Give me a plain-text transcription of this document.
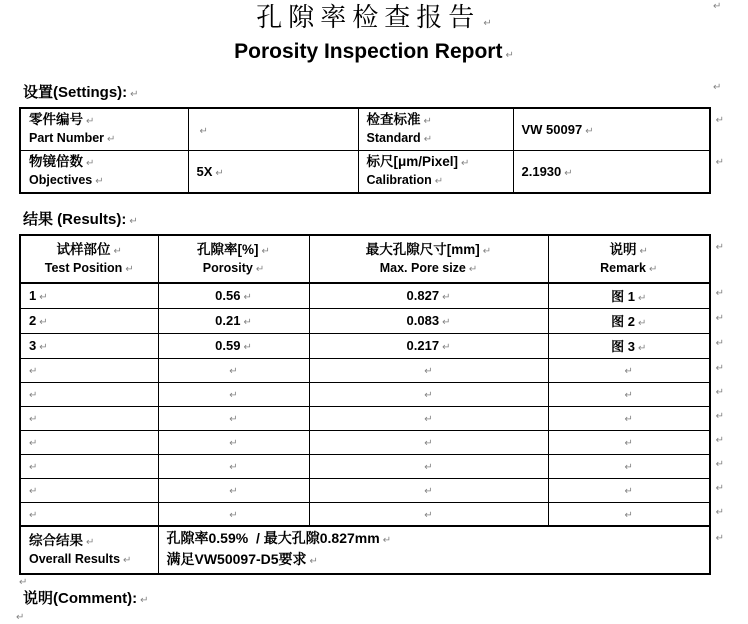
↵
↵
孔隙率检查报告 ↵
Porosity Inspection Report ↵
设置(Settings): ↵
零件编号 ↵
Part Number ↵	↵	检查标准 ↵
Standard ↵	VW 50097 ↵
↵

物镜倍数 ↵
Objectives ↵	5X ↵	标尺[μm/Pixel] ↵
Calibration ↵	2.1930 ↵
↵
结果 (Results): ↵
试样部位 ↵
Test Position ↵	孔隙率[%] ↵
Porosity ↵	最大孔隙尺寸[mm] ↵
Max. Pore size ↵	说明 ↵
Remark ↵
↵

1 ↵	0.56 ↵	0.827 ↵	图 1 ↵ ↵

2 ↵	0.21 ↵	0.083 ↵	图 2 ↵ ↵

3 ↵	0.59 ↵	0.217 ↵	图 3 ↵ ↵

↵	↵	↵	↵ ↵

↵	↵	↵	↵ ↵

↵	↵	↵	↵ ↵

↵	↵	↵	↵ ↵

↵	↵	↵	↵ ↵

↵	↵	↵	↵ ↵

↵	↵	↵	↵ ↵

综合结果 ↵
Overall Results ↵	孔隙率0.59%  / 最大孔隙0.827mm ↵
满足VW50097-D5要求 ↵
↵		
↵
说明(Comment): ↵
↵
